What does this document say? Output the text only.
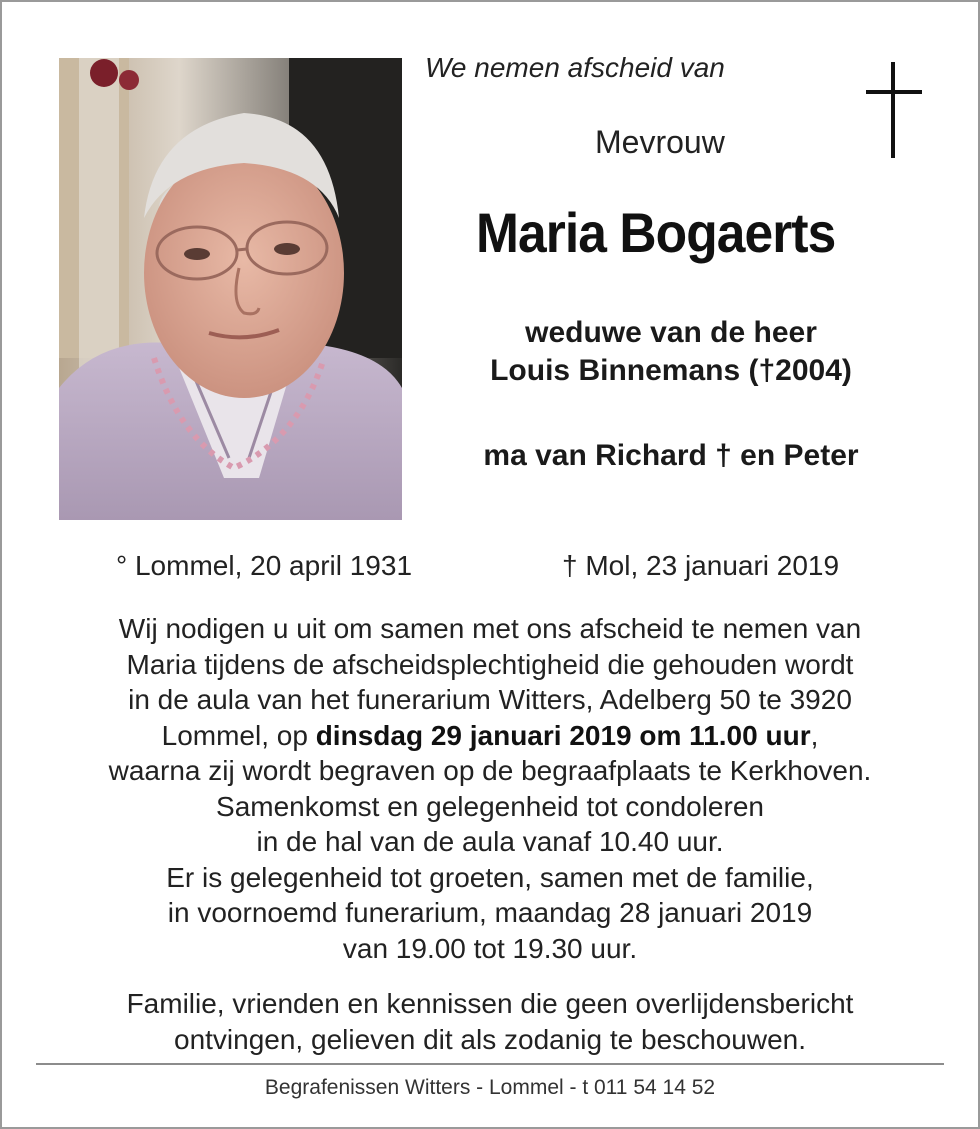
We nemen afscheid van
Mevrouw
Maria Bogaerts
weduwe van de heer
Louis Binnemans (†2004)
ma van Richard † en Peter
° Lommel, 20 april 1931	† Mol, 23 januari 2019
Wij nodigen u uit om samen met ons afscheid te nemen van
Maria tijdens de afscheidsplechtigheid die gehouden wordt
in de aula van het funerarium Witters, Adelberg 50 te 3920
Lommel, op dinsdag 29 januari 2019 om 11.00 uur,
waarna zij wordt begraven op de begraafplaats te Kerkhoven.
Samenkomst en gelegenheid tot condoleren
in de hal van de aula vanaf 10.40 uur.
Er is gelegenheid tot groeten, samen met de familie,
in voornoemd funerarium, maandag 28 januari 2019
van 19.00 tot 19.30 uur.
Familie, vrienden en kennissen die geen overlijdensbericht
ontvingen, gelieven dit als zodanig te beschouwen.
Begrafenissen Witters - Lommel - t 011 54 14 52
